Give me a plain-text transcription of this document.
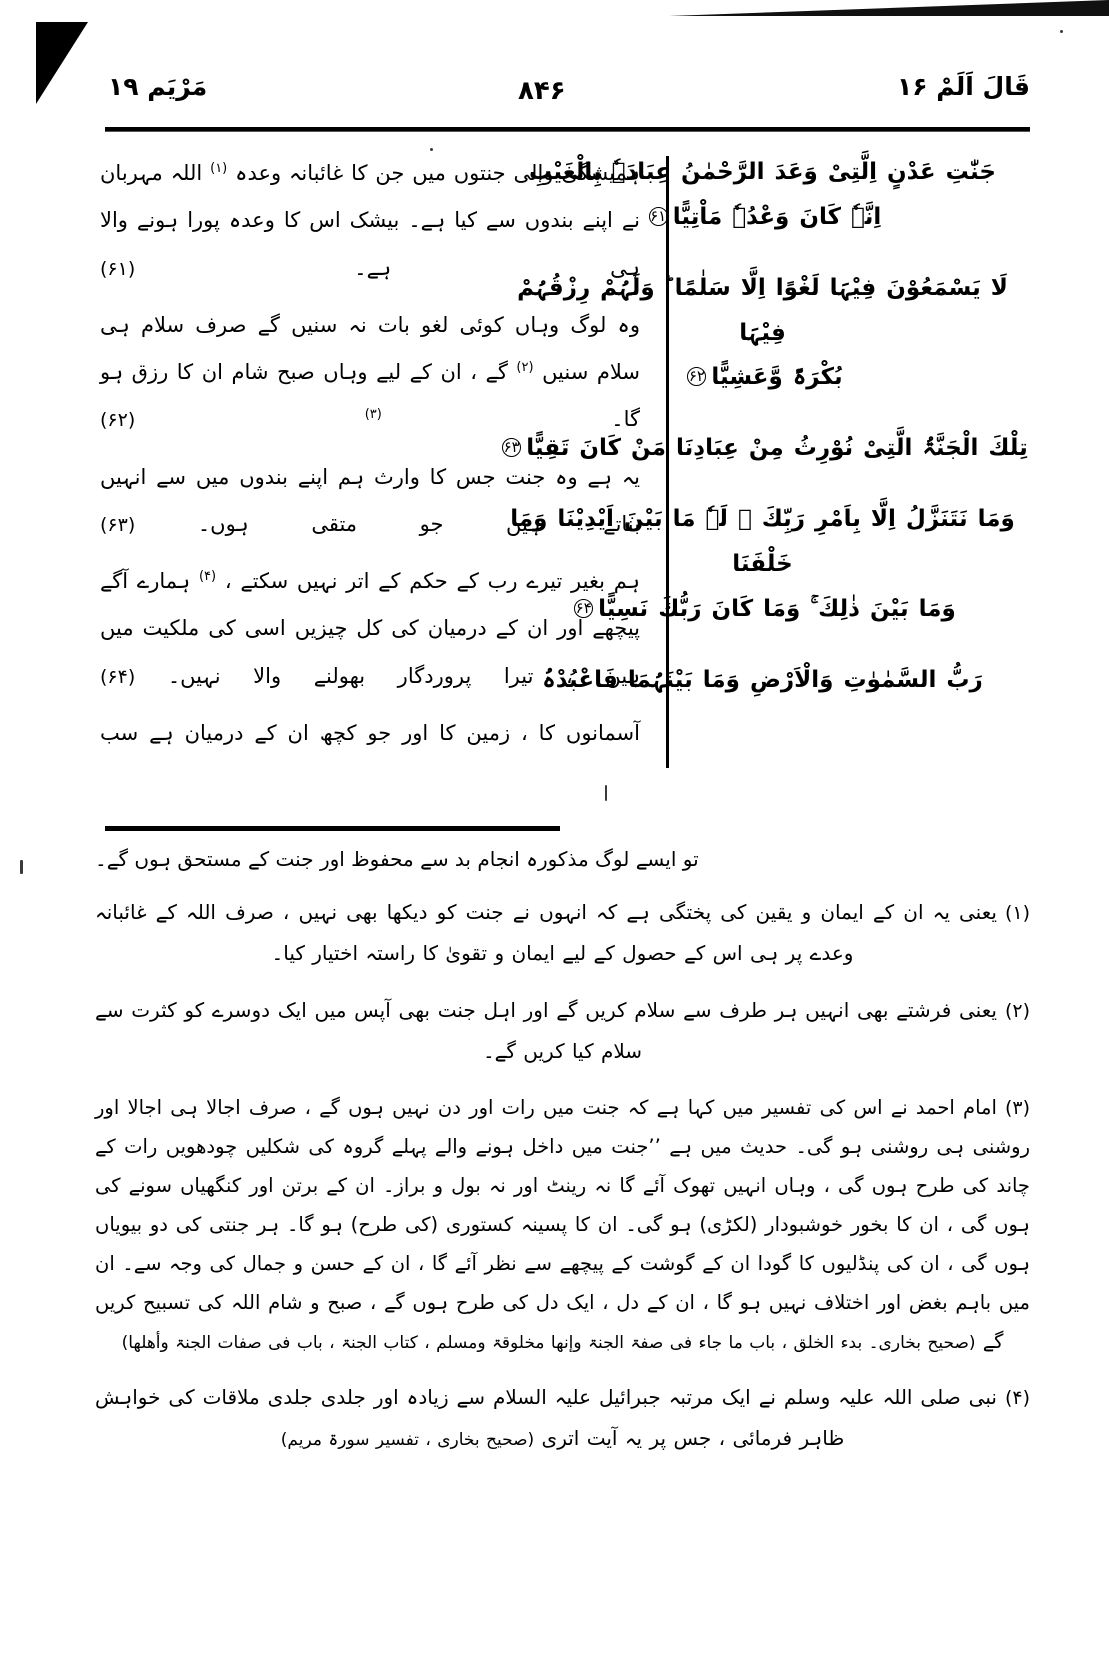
قَالَ اَلَمْ ۱۶
۸۴۶
مَرْیَم ۱۹
جَنّٰتِ عَدْنٍ اِلَّتِیْ وَعَدَ الرَّحْمٰنُ عِبَادَہٗ بِالْغَیْبِ
اِنَّہٗ كَانَ وَعْدُہٗ مَاْتِیًّا۶۱
لَا یَسْمَعُوْنَ فِیْہَا لَغْوًا اِلَّا سَلٰمًا ؕ وَلَہُمْ رِزْقُہُمْ فِیْہَا
بُكْرَۃً وَّعَشِیًّا۶۲
تِلْكَ الْجَنَّۃُ الَّتِیْ نُوْرِثُ مِنْ عِبَادِنَا مَنْ كَانَ تَقِیًّا۶۳
وَمَا نَتَنَزَّلُ اِلَّا بِاَمْرِ رَبِّكَ ۚ لَہٗ مَا بَیْنَ اَیْدِیْنَا وَمَا خَلْفَنَا
وَمَا بَیْنَ ذٰلِكَ ۚ وَمَا كَانَ رَبُّكَ نَسِیًّا۶۴
رَبُّ السَّمٰوٰتِ وَالْاَرْضِ وَمَا بَیْنَہُمَا فَاعْبُدْہُ

ہمیشگی والی جنتوں میں جن کا غائبانہ وعدہ $^{(۱)}$ اللہ مہربان نے اپنے بندوں سے کیا ہے۔ بیشک اس کا وعدہ پورا ہونے والا ہی ہے۔ (۶۱)

وہ لوگ وہاں کوئی لغو بات نہ سنیں گے صرف سلام ہی سلام سنیں $^{(۲)}$ گے ، ان کے لیے وہاں صبح شام ان کا رزق ہو گا۔ $^{(۳)}$ (۶۲)

یہ ہے وہ جنت جس کا وارث ہم اپنے بندوں میں سے انہیں بناتے ہیں جو متقی ہوں۔ (۶۳)

ہم بغیر تیرے رب کے حکم کے اتر نہیں سکتے ، $^{(۴)}$ ہمارے آگے پیچھے اور ان کے درمیان کی کل چیزیں اسی کی ملکیت میں ہیں ، تیرا پروردگار بھولنے والا نہیں۔ (۶۴)

آسمانوں کا ، زمین کا اور جو کچھ ان کے درمیان ہے سب

تو ایسے لوگ مذکورہ انجام بد سے محفوظ اور جنت کے مستحق ہوں گے۔

(۱)یعنی یہ ان کے ایمان و یقین کی پختگی ہے کہ انہوں نے جنت کو دیکھا بھی نہیں ، صرف اللہ کے غائبانہ وعدے پر ہی اس کے حصول کے لیے ایمان و تقویٰ کا راستہ اختیار کیا۔

(۲)یعنی فرشتے بھی انہیں ہر طرف سے سلام کریں گے اور اہل جنت بھی آپس میں ایک دوسرے کو کثرت سے سلام کیا کریں گے۔

(۳)امام احمد نے اس کی تفسیر میں کہا ہے کہ جنت میں رات اور دن نہیں ہوں گے ، صرف اجالا ہی اجالا اور روشنی ہی روشنی ہو گی۔ حدیث میں ہے ’’جنت میں داخل ہونے والے پہلے گروہ کی شکلیں چودھویں رات کے چاند کی طرح ہوں گی ، وہاں انہیں تھوک آئے گا نہ رینٹ اور نہ بول و براز۔ ان کے برتن اور کنگھیاں سونے کی ہوں گی ، ان کا بخور خوشبودار (لکڑی) ہو گی۔ ان کا پسینہ کستوری (کی طرح) ہو گا۔ ہر جنتی کی دو بیویاں ہوں گی ، ان کی پنڈلیوں کا گودا ان کے گوشت کے پیچھے سے نظر آئے گا ، ان کے حسن و جمال کی وجہ سے۔ ان میں باہم بغض اور اختلاف نہیں ہو گا ، ان کے دل ، ایک دل کی طرح ہوں گے ، صبح و شام اللہ کی تسبیح کریں گے (صحیح بخاری۔ بدء الخلق ، باب ما جاء فی صفۃ الجنۃ وإنھا مخلوقۃ ومسلم ، کتاب الجنۃ ، باب فی صفات الجنۃ وأھلھا)

(۴)نبی صلی اللہ علیہ وسلم نے ایک مرتبہ جبرائیل علیہ السلام سے زیادہ اور جلدی جلدی ملاقات کی خواہش ظاہر فرمائی ، جس پر یہ آیت اتری (صحیح بخاری ، تفسیر سورۃ مریم)
